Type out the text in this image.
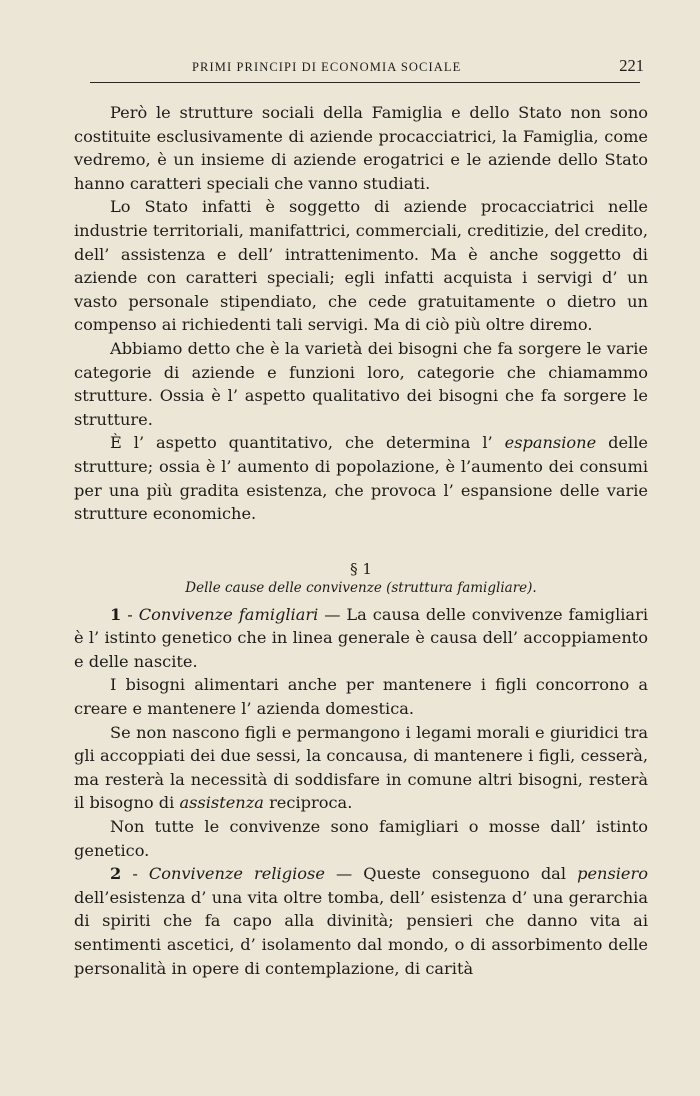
PRIMI PRINCIPI DI ECONOMIA SOCIALE	221

Però le strutture sociali della Famiglia e dello Stato non sono costituite esclusivamente di aziende procacciatrici, la Famiglia, come vedremo, è un insieme di aziende erogatrici e le aziende dello Stato hanno caratteri speciali che vanno studiati.

Lo Stato infatti è soggetto di aziende procacciatrici nelle industrie territoriali, manifattrici, commerciali, creditizie, del credito, dell’ assistenza e dell’ intrattenimento. Ma è anche soggetto di aziende con caratteri speciali; egli infatti acquista i servigi d’ un vasto personale stipendiato, che cede gratuitamente o dietro un compenso ai richiedenti tali servigi. Ma di ciò più oltre diremo.

Abbiamo detto che è la varietà dei bisogni che fa sorgere le varie categorie di aziende e funzioni loro, categorie che chiamammo strutture. Ossia è l’ aspetto qualitativo dei bisogni che fa sorgere le strutture.

È l’ aspetto quantitativo, che determina l’ espansione delle strutture; ossia è l’ aumento di popolazione, è l’aumento dei consumi per una più gradita esistenza, che provoca l’ espansione delle varie strutture economiche.

§ 1
Delle cause delle convivenze (struttura famigliare).

1 - Convivenze famigliari — La causa delle convivenze famigliari è l’ istinto genetico che in linea generale è causa dell’ accoppiamento e delle nascite.

I bisogni alimentari anche per mantenere i figli concorrono a creare e mantenere l’ azienda domestica.

Se non nascono figli e permangono i legami morali e giuridici tra gli accoppiati dei due sessi, la concausa, di mantenere i figli, cesserà, ma resterà la necessità di soddisfare in comune altri bisogni, resterà il bisogno di assistenza reciproca.

Non tutte le convivenze sono famigliari o mosse dall’ istinto genetico.

2 - Convivenze religiose — Queste conseguono dal pensiero dell’esistenza d’ una vita oltre tomba, dell’ esistenza d’ una gerarchia di spiriti che fa capo alla divinità; pensieri che danno vita ai sentimenti ascetici, d’ isolamento dal mondo, o di assorbimento delle personalità in opere di contemplazione, di carità
